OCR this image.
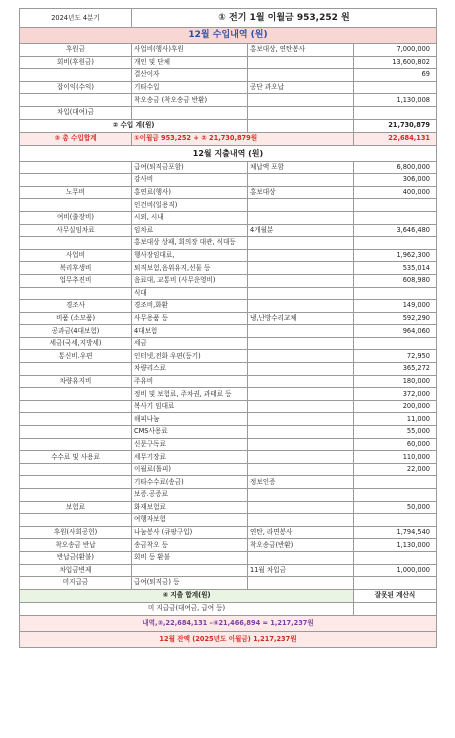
2024년도 4분기	① 전기 1월 이월금 953,252 원		
12월 수입내역 (원)			
후원금	사업비(행사)후원	홍보대상, 연탄봉사	7,000,000
회비(후원금)	개인 및 단체		13,600,802
	결산이자		69
잡이익(수익)	기타수입	공단 과오납	
	착오송금 (착오송금 반환)		1,130,008
차입(대여)금			
② 수입 계(원)			21,730,879
③ 총 수입합계	①이월금 953,252 + ② 21,730,879원		22,684,131
12월 지출내역 (원)			
	급여(퇴직금포함)	체납액 포함	6,800,000
	강사비		306,000
노무비	홍연료(행사)	홍보대상	400,000
	인건비(일용직)		
여비(출장비)	시외, 시내		
사무실임차료	임차료	4개월분	3,646,480
	홍보대상 상패, 회의장 대관, 식대등		
사업비	행사장임대료,		1,962,300
복리후생비	퇴직보험,음위유지,선물 등		535,014
업무추진비	음료대, 교통비 (사무운영비)		608,980
	식대		
경조사	경조비,화환		149,000
비품 (소모품)	사무용품 등	냉,난방수리교체	592,290
공과금(4대보험)	4대보험		964,060
세금(국세,지방세)	세금		
통신비.우편	인터넷,전화 우편(등기)		72,950
	차량리스료		365,272
차량유지비	주유비		180,000
	정비 및 보험료, 주차권, 과태료 등		372,000
	복사기 임대료		200,000
	해피나눔		11,000
	CMS사용료		55,000
	신문구독료		60,000
수수료 및 사용료	세무기장료		110,000
	이월료(톨피)		22,000
	기타수수료(송금)	정보인증	
	보증.공증료		
보험료	화재보험료		50,000
	여행자보험		
후원(사회공헌)	나눔봉사 (큐팡구입)	연탄, 라면봉사	1,794,540
착오송금 반납	송금착오 등	착오송금(반환)	1,130,000
반납금(환불)	회비 등 환불		
차입금변제		11월 차입금	1,000,000
미지급금	급여(퇴직금) 등		
④ 지출 합계(원)			잘못된 계산식
미 지급금(대여금, 급여 등)			
내역,③,22,684,131 –④21,466,894 = 1,217,237원			
12월 잔액 (2025년도 이월금) 1,217,237원			
